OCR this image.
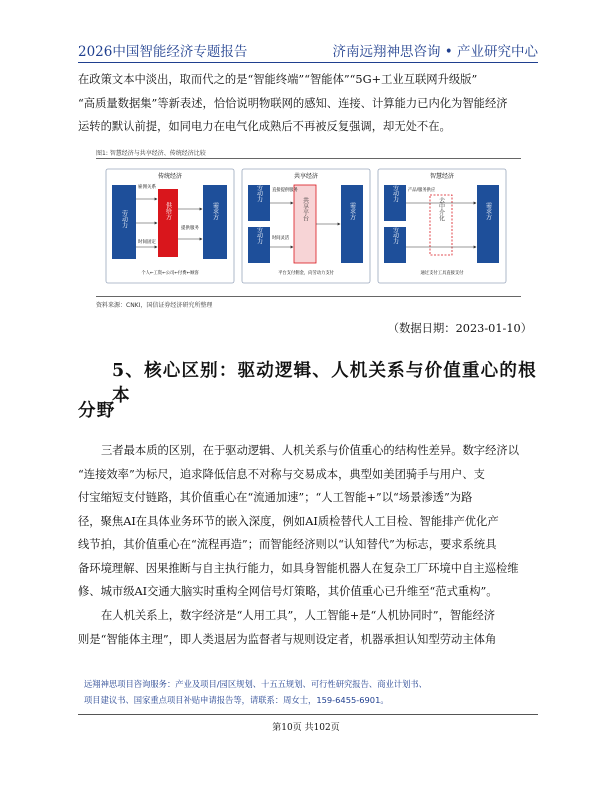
2026中国智能经济专题报告	济南远翔神思咨询 • 产业研究中心
在政策文本中淡出，取而代之的是“智能终端”“智能体”“5G+工业互联网升级版”
“高质量数据集”等新表述，恰恰说明物联网的感知、连接、计算能力已内化为智能经济
运转的默认前提，如同电力在电气化成熟后不再被反复强调，却无处不在。
图1: 智慧经济与共享经济、传统经济比较
传统经济
劳动力	供给方	需求方
雇佣关系
时间固定
提供服务
个人←工资←公司←付费←顾客
共享经济
劳动力
劳动力
共享平台	需求方
直接提供服务
时间灵活
平台支付佣金，向劳动力支付
智慧经济
劳动力
劳动力
去中介化	需求方
产品/服务供应
通过支付工具直接支付
资料来源：CNKI，国信证券经济研究所整理
（数据日期：2023-01-10）
5、核心区别：驱动逻辑、人机关系与价值重心的根本
分野
三者最本质的区别，在于驱动逻辑、人机关系与价值重心的结构性差异。数字经济以
“连接效率”为标尺，追求降低信息不对称与交易成本，典型如美团骑手与用户、支
付宝缩短支付链路，其价值重心在“流通加速”；“人工智能+”以“场景渗透”为路
径，聚焦AI在具体业务环节的嵌入深度，例如AI质检替代人工目检、智能排产优化产
线节拍，其价值重心在“流程再造”；而智能经济则以“认知替代”为标志，要求系统具
备环境理解、因果推断与自主执行能力，如具身智能机器人在复杂工厂环境中自主巡检维
修、城市级AI交通大脑实时重构全网信号灯策略，其价值重心已升维至“范式重构”。
在人机关系上，数字经济是“人用工具”，人工智能+是“人机协同时”，智能经济
则是“智能体主理”，即人类退居为监督者与规则设定者，机器承担认知型劳动主体角
远翔神思项目咨询服务：产业及项目/园区规划、十五五规划、可行性研究报告、商业计划书、
项目建议书、国家重点项目补贴申请报告等，请联系：周女士，159-6455-6901。
第10页 共102页
